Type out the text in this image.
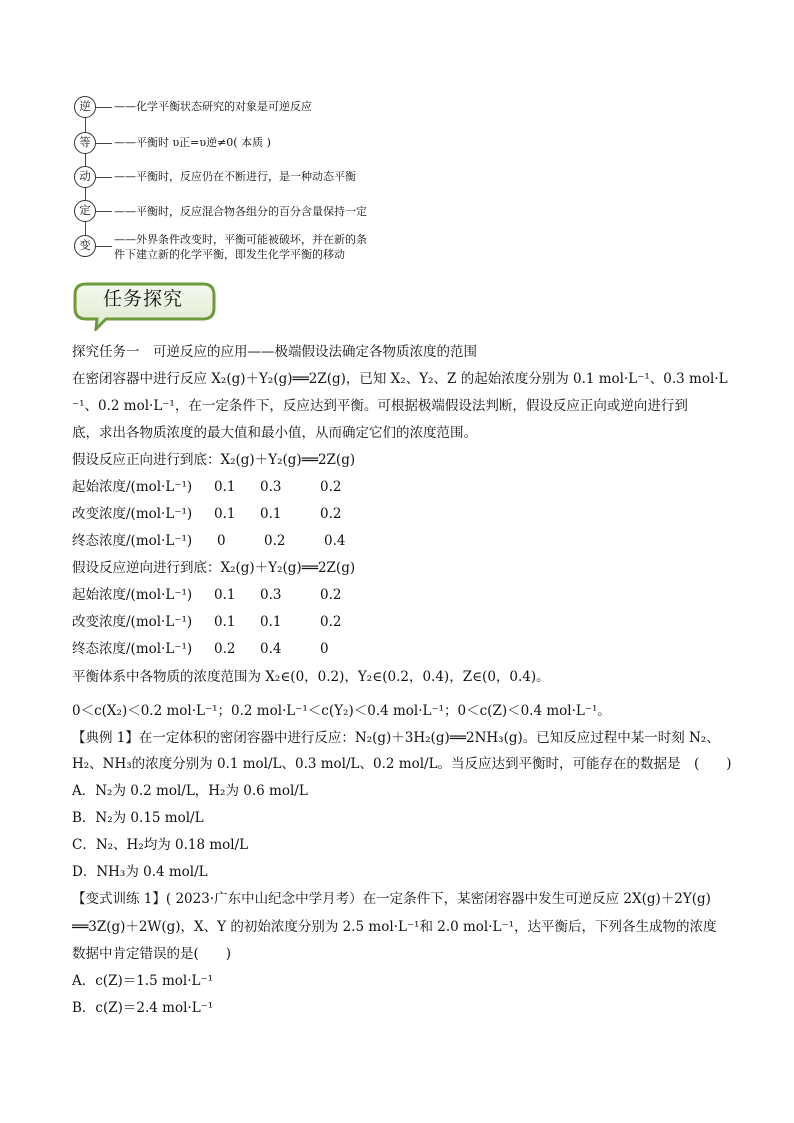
逆	——化学平衡状态研究的对象是可逆反应
等	——平衡时 υ正=υ逆≠0( 本质 )
动	——平衡时，反应仍在不断进行，是一种动态平衡
定	——平衡时，反应混合物各组分的百分含量保持一定
变	——外界条件改变时，平衡可能被破坏，并在新的条
件下建立新的化学平衡，即发生化学平衡的移动
任务探究
探究任务一　可逆反应的应用——极端假设法确定各物质浓度的范围
在密闭容器中进行反应 X₂(g)＋Y₂(g)══2Z(g)，已知 X₂、Y₂、Z 的起始浓度分别为 0.1 mol·L⁻¹、0.3 mol·L
⁻¹、0.2 mol·L⁻¹，在一定条件下，反应达到平衡。可根据极端假设法判断，假设反应正向或逆向进行到
底，求出各物质浓度的最大值和最小值，从而确定它们的浓度范围。
假设反应正向进行到底：X₂(g)＋Y₂(g)══2Z(g)
起始浓度/(mol·L⁻¹) 0.1 0.3	0.2
改变浓度/(mol·L⁻¹) 0.1 0.1	0.2
终态浓度/(mol·L⁻¹) 0	0.2	0.4
假设反应逆向进行到底：X₂(g)＋Y₂(g)══2Z(g)
起始浓度/(mol·L⁻¹) 0.1 0.3	0.2
改变浓度/(mol·L⁻¹) 0.1 0.1	0.2
终态浓度/(mol·L⁻¹) 0.2 0.4	0
平衡体系中各物质的浓度范围为 X₂∈(0，0.2)，Y₂∈(0.2，0.4)，Z∈(0，0.4)。
0＜c(X₂)＜0.2 mol·L⁻¹；0.2 mol·L⁻¹＜c(Y₂)＜0.4 mol·L⁻¹；0＜c(Z)＜0.4 mol·L⁻¹。
【典例 1】在一定体积的密闭容器中进行反应：N₂(g)＋3H₂(g)══2NH₃(g)。已知反应过程中某一时刻 N₂、
H₂、NH₃的浓度分别为 0.1 mol/L、0.3 mol/L、0.2 mol/L。当反应达到平衡时，可能存在的数据是　(　　)
A．N₂为 0.2 mol/L，H₂为 0.6 mol/L
B．N₂为 0.15 mol/L
C．N₂、H₂均为 0.18 mol/L
D．NH₃为 0.4 mol/L
【变式训练 1】( 2023·广东中山纪念中学月考）在一定条件下，某密闭容器中发生可逆反应 2X(g)＋2Y(g)
══3Z(g)＋2W(g)，X、Y 的初始浓度分别为 2.5 mol·L⁻¹和 2.0 mol·L⁻¹，达平衡后，下列各生成物的浓度
数据中肯定错误的是(　　)
A．c(Z)＝1.5 mol·L⁻¹
B．c(Z)＝2.4 mol·L⁻¹
